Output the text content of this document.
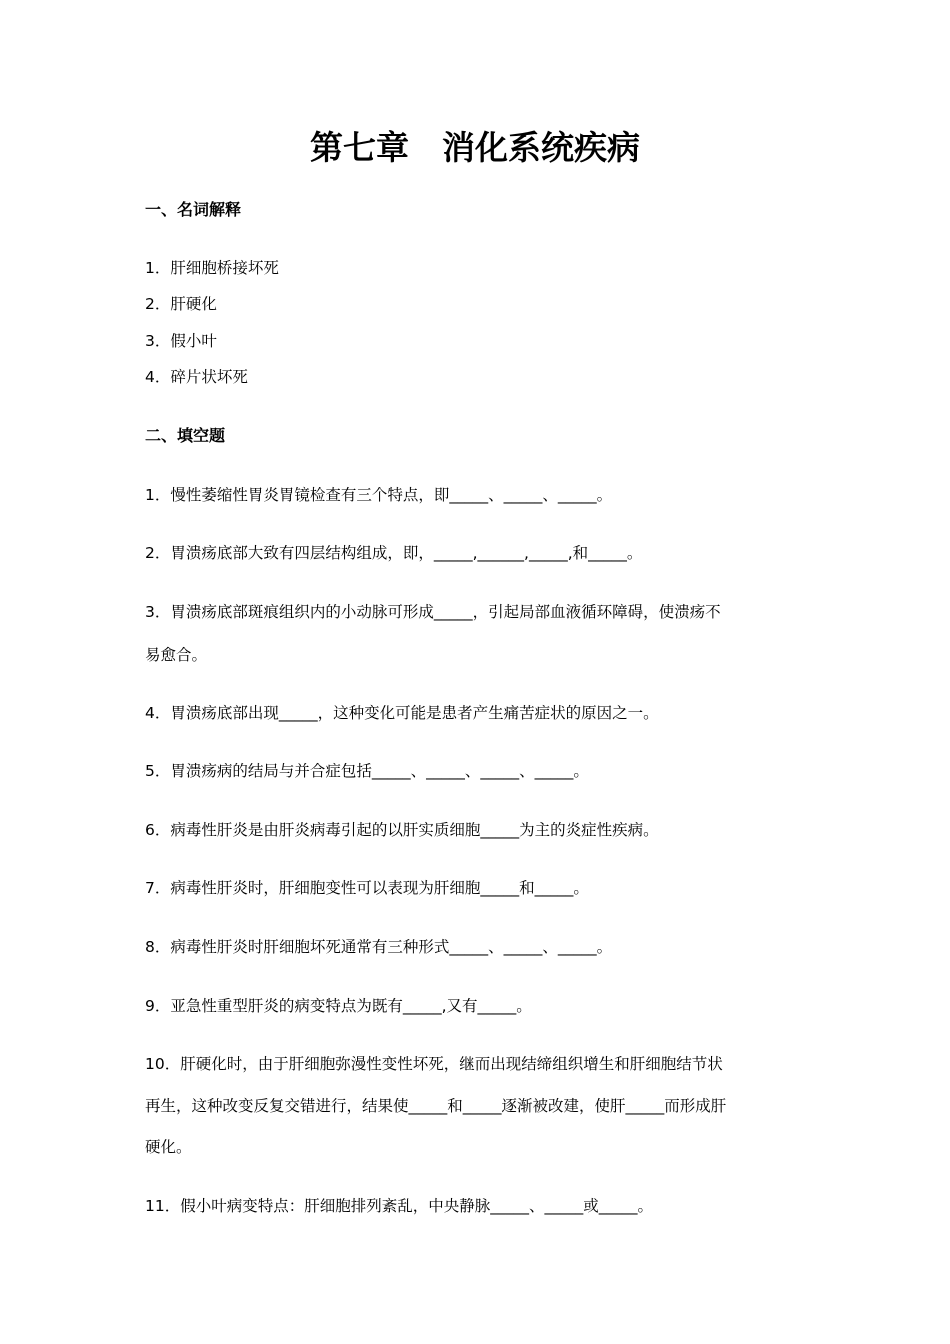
第七章　消化系统疾病
一、名词解释
1．肝细胞桥接坏死
2．肝硬化
3．假小叶
4．碎片状坏死
二、填空题
1．慢性萎缩性胃炎胃镜检查有三个特点，即_____、_____、_____。
2．胃溃疡底部大致有四层结构组成，即，_____,______,_____,和_____。
3．胃溃疡底部斑痕组织内的小动脉可形成_____，引起局部血液循环障碍，使溃疡不
易愈合。
4．胃溃疡底部出现_____，这种变化可能是患者产生痛苦症状的原因之一。
5．胃溃疡病的结局与并合症包括_____、_____、_____、_____。
6．病毒性肝炎是由肝炎病毒引起的以肝实质细胞_____为主的炎症性疾病。
7．病毒性肝炎时，肝细胞变性可以表现为肝细胞_____和_____。
8．病毒性肝炎时肝细胞坏死通常有三种形式_____、_____、_____。
9．亚急性重型肝炎的病变特点为既有_____,又有_____。
10．肝硬化时，由于肝细胞弥漫性变性坏死，继而出现结缔组织增生和肝细胞结节状
再生，这种改变反复交错进行，结果使_____和_____逐渐被改建，使肝_____而形成肝
硬化。
11．假小叶病变特点：肝细胞排列紊乱，中央静脉_____、_____或_____。
